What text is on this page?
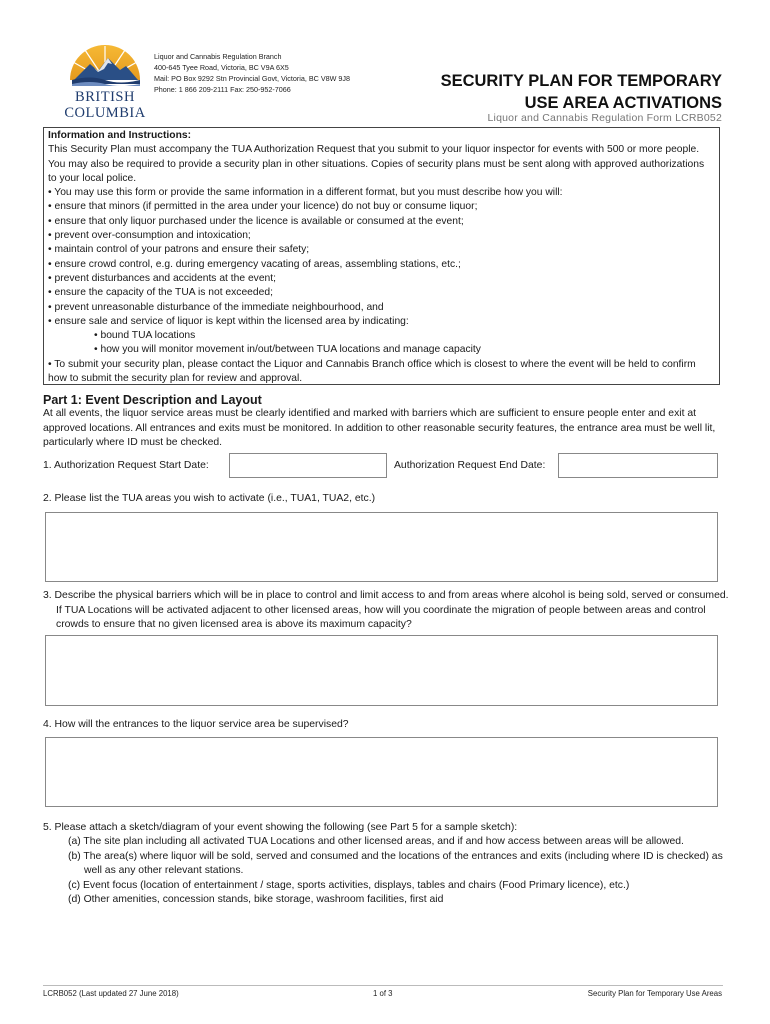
BRITISH
COLUMBIA
Liquor and Cannabis Regulation Branch
400-645 Tyee Road, Victoria, BC V9A 6X5
Mail: PO Box 9292 Stn Provincial Govt, Victoria, BC V8W 9J8
Phone: 1 866 209-2111 Fax: 250-952-7066	SECURITY PLAN FOR TEMPORARY
USE AREA ACTIVATIONS
Liquor and Cannabis Regulation Form LCRB052

Information and Instructions:

This Security Plan must accompany the TUA Authorization Request that you submit to your liquor inspector for events with 500 or more people. You may also be required to provide a security plan in other situations. Copies of security plans must be sent along with approved authorizations to your local police.

• You may use this form or provide the same information in a different format, but you must describe how you will:

• ensure that minors (if permitted in the area under your licence) do not buy or consume liquor;

• ensure that only liquor purchased under the licence is available or consumed at the event;

• prevent over-consumption and intoxication;

• maintain control of your patrons and ensure their safety;

• ensure crowd control, e.g. during emergency vacating of areas, assembling stations, etc.;

• prevent disturbances and accidents at the event;

• ensure the capacity of the TUA is not exceeded;

• prevent unreasonable disturbance of the immediate neighbourhood, and

• ensure sale and service of liquor is kept within the licensed area by indicating:

• bound TUA locations

• how you will monitor movement in/out/between TUA locations and manage capacity

• To submit your security plan, please contact the Liquor and Cannabis Branch office which is closest to where the event will be held to confirm how to submit the security plan for review and approval.

Part 1: Event Description and Layout
At all events, the liquor service areas must be clearly identified and marked with barriers which are sufficient to ensure people enter and exit at approved locations. All entrances and exits must be monitored. In addition to other reasonable security features, the entrance area must be well lit, particularly where ID must be checked.
1. Authorization Request Start Date:	Authorization Request End Date:
2. Please list the TUA areas you wish to activate (i.e., TUA1, TUA2, etc.)
3. Describe the physical barriers which will be in place to control and limit access to and from areas where alcohol is being sold, served or consumed. If TUA Locations will be activated adjacent to other licensed areas, how will you coordinate the migration of people between areas and control crowds to ensure that no given licensed area is above its maximum capacity?
4. How will the entrances to the liquor service area be supervised?
5. Please attach a sketch/diagram of your event showing the following (see Part 5 for a sample sketch):

(a) The site plan including all activated TUA Locations and other licensed areas, and if and how access between areas will be allowed.

(b) The area(s) where liquor will be sold, served and consumed and the locations of the entrances and exits (including where ID is checked) as well as any other relevant stations.

(c) Event focus (location of entertainment / stage, sports activities, displays, tables and chairs (Food Primary licence), etc.)

(d) Other amenities, concession stands, bike storage, washroom facilities, first aid

LCRB052 (Last updated 27 June 2018)	1 of 3	Security Plan for Temporary Use Areas
